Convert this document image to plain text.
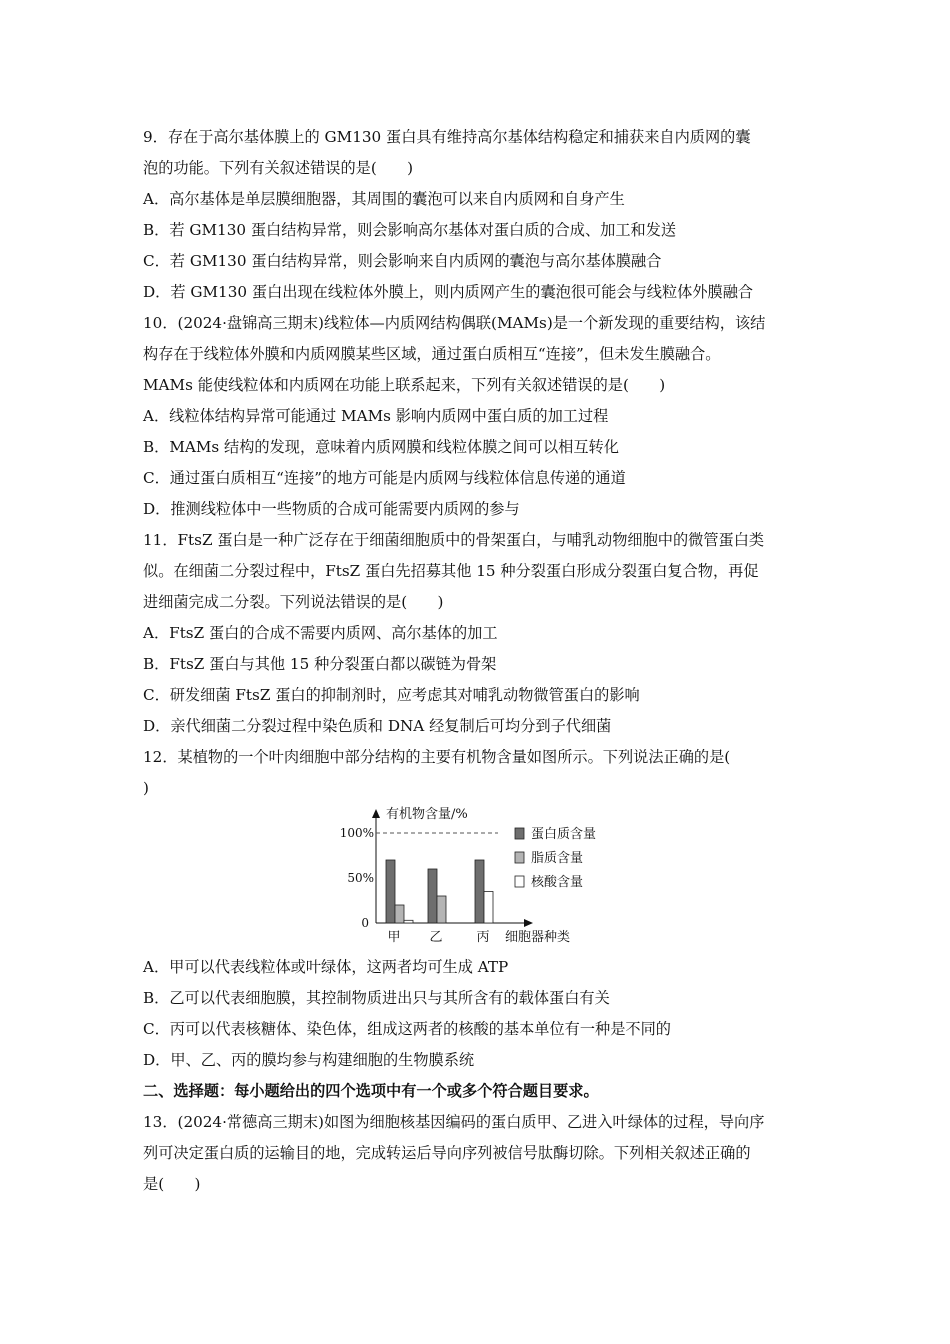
9．存在于高尔基体膜上的 GM130 蛋白具有维持高尔基体结构稳定和捕获来自内质网的囊
泡的功能。下列有关叙述错误的是(　　)
A．高尔基体是单层膜细胞器，其周围的囊泡可以来自内质网和自身产生
B．若 GM130 蛋白结构异常，则会影响高尔基体对蛋白质的合成、加工和发送
C．若 GM130 蛋白结构异常，则会影响来自内质网的囊泡与高尔基体膜融合
D．若 GM130 蛋白出现在线粒体外膜上，则内质网产生的囊泡很可能会与线粒体外膜融合
10．(2024·盘锦高三期末)线粒体—内质网结构偶联(MAMs)是一个新发现的重要结构，该结
构存在于线粒体外膜和内质网膜某些区域，通过蛋白质相互“连接”，但未发生膜融合。
MAMs 能使线粒体和内质网在功能上联系起来，下列有关叙述错误的是(　　)
A．线粒体结构异常可能通过 MAMs 影响内质网中蛋白质的加工过程
B．MAMs 结构的发现，意味着内质网膜和线粒体膜之间可以相互转化
C．通过蛋白质相互“连接”的地方可能是内质网与线粒体信息传递的通道
D．推测线粒体中一些物质的合成可能需要内质网的参与
11．FtsZ 蛋白是一种广泛存在于细菌细胞质中的骨架蛋白，与哺乳动物细胞中的微管蛋白类
似。在细菌二分裂过程中，FtsZ 蛋白先招募其他 15 种分裂蛋白形成分裂蛋白复合物，再促
进细菌完成二分裂。下列说法错误的是(　　)
A．FtsZ 蛋白的合成不需要内质网、高尔基体的加工
B．FtsZ 蛋白与其他 15 种分裂蛋白都以碳链为骨架
C．研发细菌 FtsZ 蛋白的抑制剂时，应考虑其对哺乳动物微管蛋白的影响
D．亲代细菌二分裂过程中染色质和 DNA 经复制后可均分到子代细菌
12．某植物的一个叶肉细胞中部分结构的主要有机物含量如图所示。下列说法正确的是(
)
有机物含量/%
细胞器种类
0
50%
100%
甲 乙	丙
蛋白质含量
脂质含量
核酸含量
A．甲可以代表线粒体或叶绿体，这两者均可生成 ATP
B．乙可以代表细胞膜，其控制物质进出只与其所含有的载体蛋白有关
C．丙可以代表核糖体、染色体，组成这两者的核酸的基本单位有一种是不同的
D．甲、乙、丙的膜均参与构建细胞的生物膜系统
二、选择题：每小题给出的四个选项中有一个或多个符合题目要求。
13．(2024·常德高三期末)如图为细胞核基因编码的蛋白质甲、乙进入叶绿体的过程，导向序
列可决定蛋白质的运输目的地，完成转运后导向序列被信号肽酶切除。下列相关叙述正确的
是(　　)
